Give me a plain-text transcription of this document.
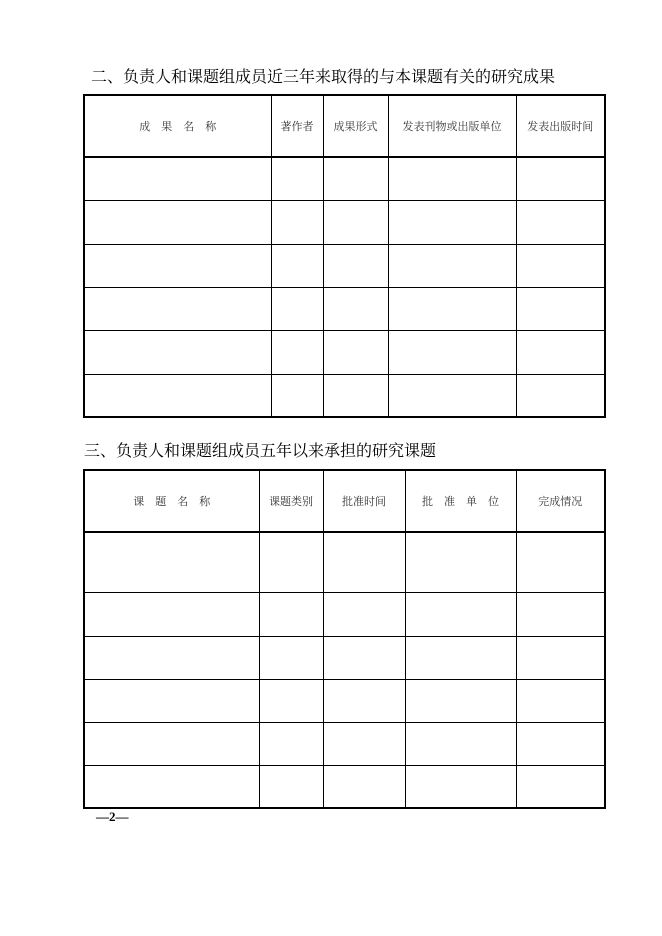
二、负责人和课题组成员近三年来取得的与本课题有关的研究成果
成　果　名　称	著作者	成果形式	发表刊物或出版单位	发表出版时间

三、负责人和课题组成员五年以来承担的研究课题
课　题　名　称	课题类别	批准时间	批　准　单　位	完成情况

—2—
